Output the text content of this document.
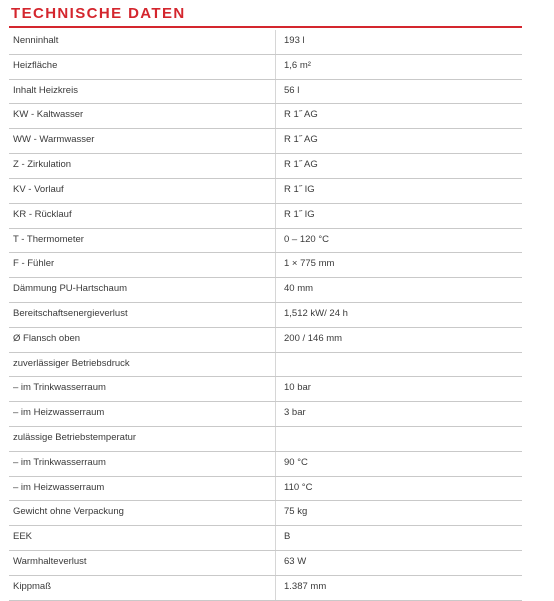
TECHNISCHE DATEN
Nenninhalt	193 l
Heizfläche	1,6 m²
Inhalt Heizkreis	56 l
KW - Kaltwasser	R 1˝ AG
WW - Warmwasser	R 1˝ AG
Z - Zirkulation	R 1˝ AG
KV - Vorlauf	R 1˝ IG
KR - Rücklauf	R 1˝ IG
T - Thermometer	0 – 120 °C
F - Fühler	1 × 775 mm
Dämmung PU-Hartschaum	40 mm
Bereitschaftsenergieverlust	1,512 kW/ 24 h
Ø Flansch oben	200 / 146 mm
zuverlässiger Betriebsdruck
– im Trinkwasserraum	10 bar
– im Heizwasserraum	3 bar
zulässige Betriebstemperatur
– im Trinkwasserraum	90 °C
– im Heizwasserraum	110 °C
Gewicht ohne Verpackung	75 kg
EEK	B
Warmhalteverlust	63 W
Kippmaß	1.387 mm
